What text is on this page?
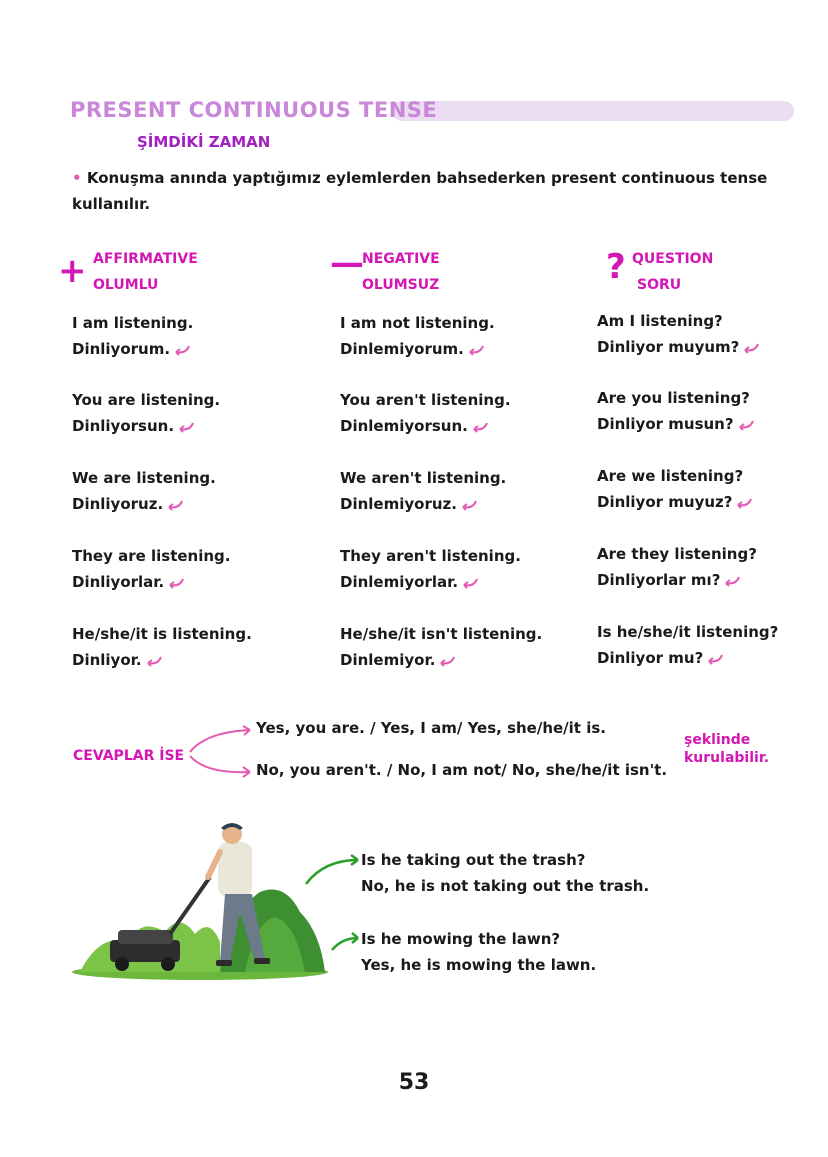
PRESENT CONTINUOUS TENSE
ŞİMDİKİ ZAMAN
• Konuşma anında yaptığımız eylemlerden bahsederken present continuous tense kullanılır.
+ AFFIRMATIVE
OLUMLU
—
NEGATIVE
OLUMSUZ	? QUESTION
SORU
I am listening.
Dinliyorum.
You are listening.
Dinliyorsun.
We are listening.
Dinliyoruz.
They are listening.
Dinliyorlar.
He/she/it is listening.
Dinliyor.
I am not listening.
Dinlemiyorum.
You aren't listening.
Dinlemiyorsun.
We aren't listening.
Dinlemiyoruz.
They aren't listening.
Dinlemiyorlar.
He/she/it isn't listening.
Dinlemiyor.
Am I listening?
Dinliyor muyum?
Are you listening?
Dinliyor musun?
Are we listening?
Dinliyor muyuz?
Are they listening?
Dinliyorlar mı?
Is he/she/it listening?
Dinliyor mu?
CEVAPLAR İSE
Yes, you are. / Yes, I am/ Yes, she/he/it is.
No, you aren't. / No, I am not/ No, she/he/it isn't.
şeklinde
kurulabilir.
Is he taking out the trash?
No, he is not taking out the trash.
Is he mowing the lawn?
Yes, he is mowing the lawn.
53
